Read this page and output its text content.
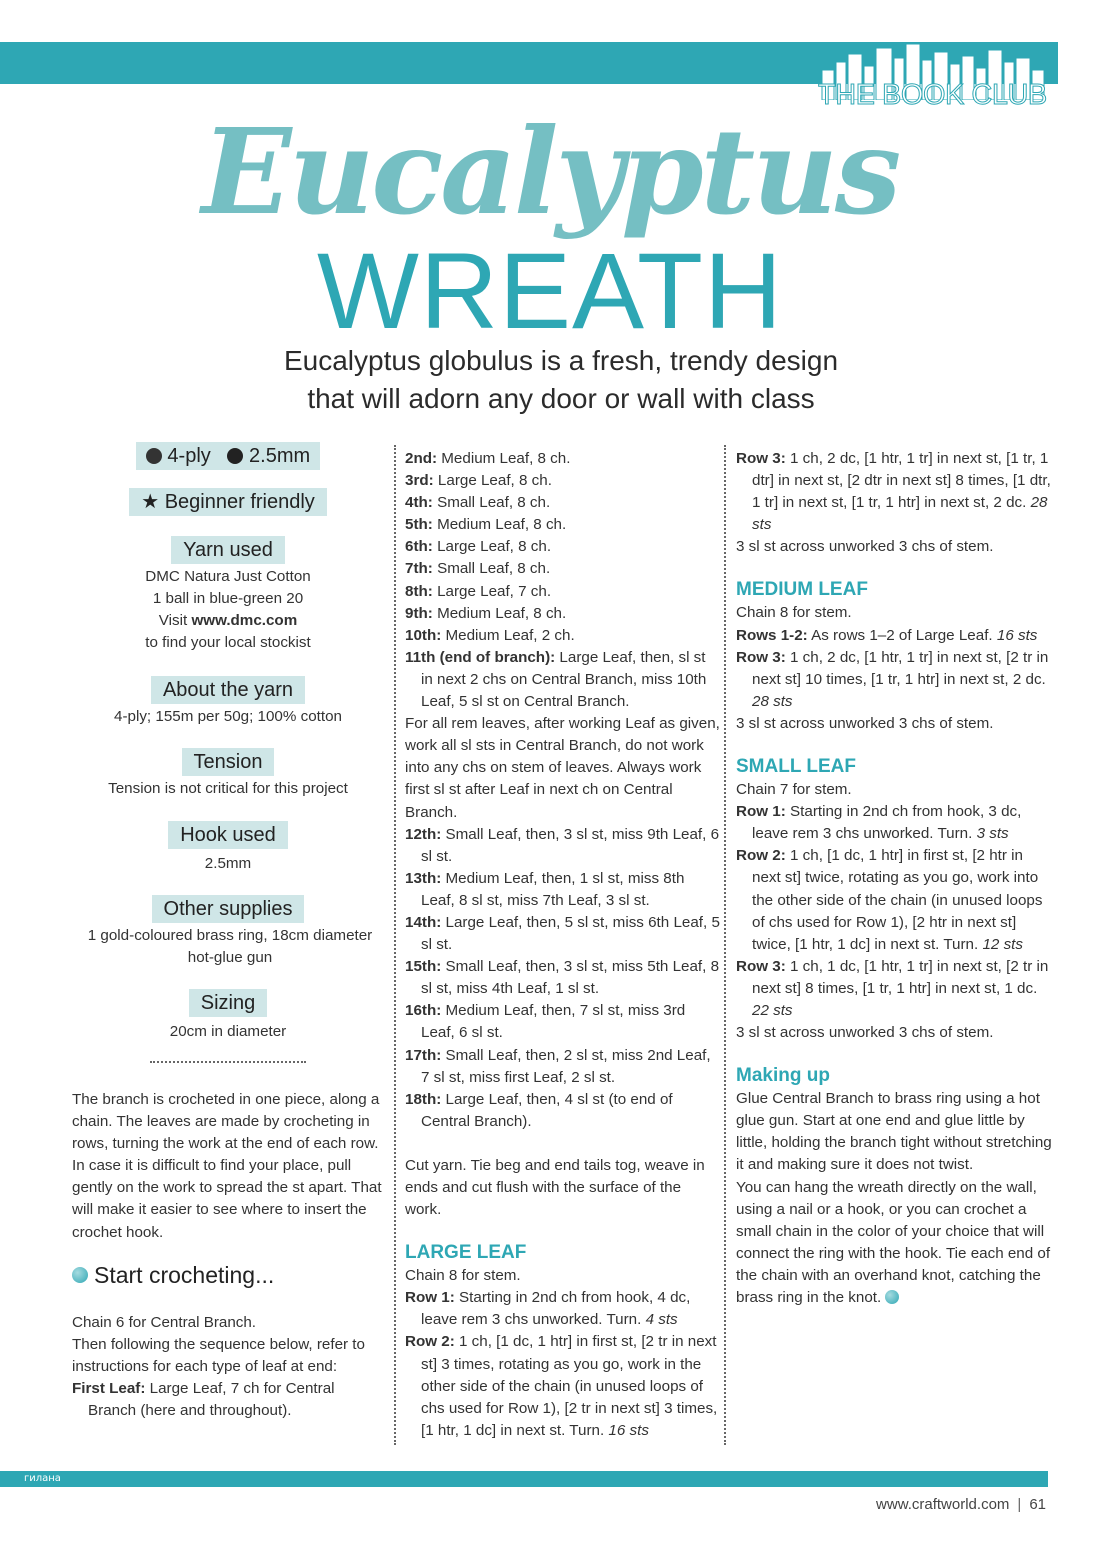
THE BOOK CLUB
Eucalyptus
WREATH
Eucalyptus globulus is a fresh, trendy design
that will adorn any door or wall with class
4-ply 2.5mm
★ Beginner friendly
Yarn used
DMC Natura Just Cotton
1 ball in blue-green 20
Visit www.dmc.com
to find your local stockist
About the yarn
4-ply; 155m per 50g; 100% cotton
Tension
Tension is not critical for this project
Hook used
2.5mm
Other supplies
1 gold-coloured brass ring, 18cm diameter
hot-glue gun
Sizing
20cm in diameter

The branch is crocheted in one piece, along a chain. The leaves are made by crocheting in rows, turning the work at the end of each row. In case it is difficult to find your place, pull gently on the work to spread the st apart. That will make it easier to see where to insert the crochet hook.

Start crocheting...

Chain 6 for Central Branch.

Then following the sequence below, refer to instructions for each type of leaf at end:

First Leaf: Large Leaf, 7 ch for Central Branch (here and throughout).

2nd: Medium Leaf, 8 ch.

3rd: Large Leaf, 8 ch.

4th: Small Leaf, 8 ch.

5th: Medium Leaf, 8 ch.

6th: Large Leaf, 8 ch.

7th: Small Leaf, 8 ch.

8th: Large Leaf, 7 ch.

9th: Medium Leaf, 8 ch.

10th: Medium Leaf, 2 ch.

11th (end of branch): Large Leaf, then, sl st in next 2 chs on Central Branch, miss 10th Leaf, 5 sl st on Central Branch.

For all rem leaves, after working Leaf as given, work all sl sts in Central Branch, do not work into any chs on stem of leaves. Always work first sl st after Leaf in next ch on Central Branch.

12th: Small Leaf, then, 3 sl st, miss 9th Leaf, 6 sl st.

13th: Medium Leaf, then, 1 sl st, miss 8th Leaf, 8 sl st, miss 7th Leaf, 3 sl st.

14th: Large Leaf, then, 5 sl st, miss 6th Leaf, 5 sl st.

15th: Small Leaf, then, 3 sl st, miss 5th Leaf, 8 sl st, miss 4th Leaf, 1 sl st.

16th: Medium Leaf, then, 7 sl st, miss 3rd Leaf, 6 sl st.

17th: Small Leaf, then, 2 sl st, miss 2nd Leaf, 7 sl st, miss first Leaf, 2 sl st.

18th: Large Leaf, then, 4 sl st (to end of Central Branch).

Cut yarn. Tie beg and end tails tog, weave in ends and cut flush with the surface of the work.

LARGE LEAF

Chain 8 for stem.

Row 1: Starting in 2nd ch from hook, 4 dc, leave rem 3 chs unworked. Turn. 4 sts

Row 2: 1 ch, [1 dc, 1 htr] in first st, [2 tr in next st] 3 times, rotating as you go, work in the other side of the chain (in unused loops of chs used for Row 1), [2 tr in next st] 3 times, [1 htr, 1 dc] in next st. Turn. 16 sts

Row 3: 1 ch, 2 dc, [1 htr, 1 tr] in next st, [1 tr, 1 dtr] in next st, [2 dtr in next st] 8 times, [1 dtr, 1 tr] in next st, [1 tr, 1 htr] in next st, 2 dc. 28 sts

3 sl st across unworked 3 chs of stem.

MEDIUM LEAF

Chain 8 for stem.

Rows 1-2: As rows 1–2 of Large Leaf. 16 sts

Row 3: 1 ch, 2 dc, [1 htr, 1 tr] in next st, [2 tr in next st] 10 times, [1 tr, 1 htr] in next st, 2 dc. 28 sts

3 sl st across unworked 3 chs of stem.

SMALL LEAF

Chain 7 for stem.

Row 1: Starting in 2nd ch from hook, 3 dc, leave rem 3 chs unworked. Turn. 3 sts

Row 2: 1 ch, [1 dc, 1 htr] in first st, [2 htr in next st] twice, rotating as you go, work into the other side of the chain (in unused loops of chs used for Row 1), [2 htr in next st] twice, [1 htr, 1 dc] in next st. Turn. 12 sts

Row 3: 1 ch, 1 dc, [1 htr, 1 tr] in next st, [2 tr in next st] 8 times, [1 tr, 1 htr] in next st, 1 dc. 22 sts

3 sl st across unworked 3 chs of stem.

Making up

Glue Central Branch to brass ring using a hot glue gun. Start at one end and glue little by little, holding the branch tight without stretching it and making sure it does not twist.

You can hang the wreath directly on the wall, using a nail or a hook, or you can crochet a small chain in the color of your choice that will connect the ring with the hook. Tie each end of the chain with an overhand knot, catching the brass ring in the knot.

гилана
www.craftworld.com | 61
